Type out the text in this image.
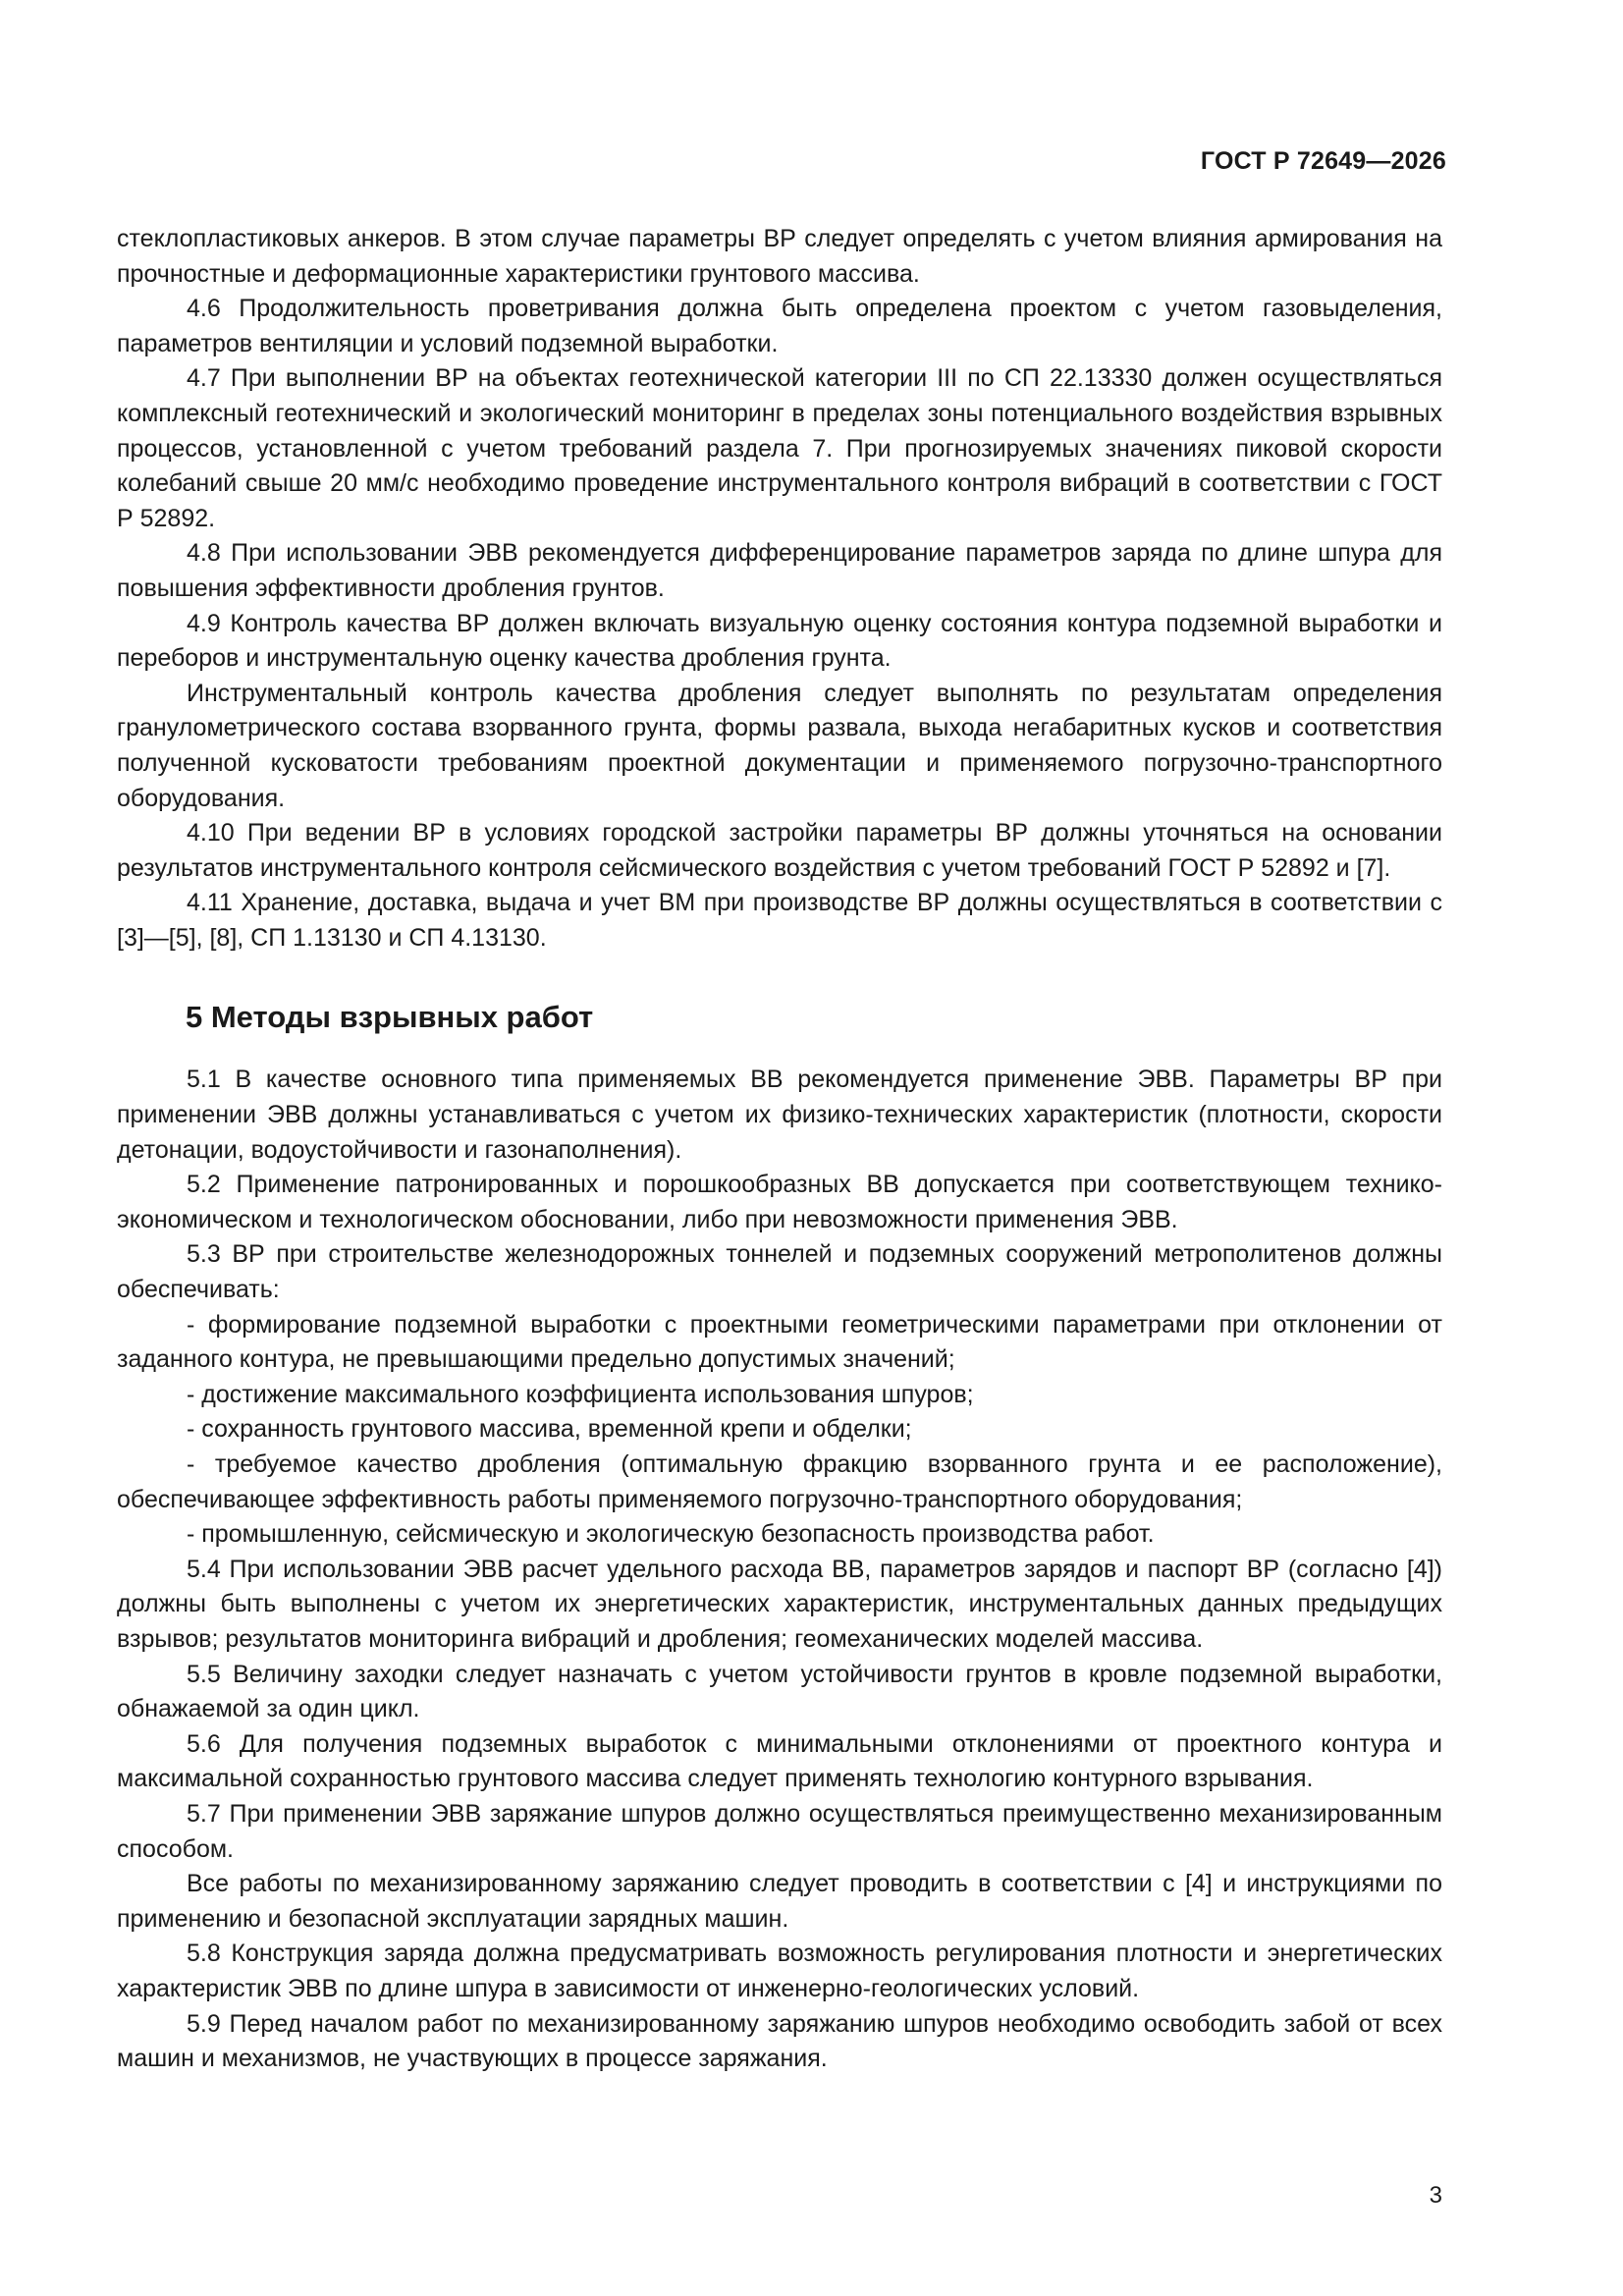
ГОСТ Р 72649—2026

стеклопластиковых анкеров. В этом случае параметры ВР следует определять с учетом влияния армирования на прочностные и деформационные характеристики грунтового массива.

4.6 Продолжительность проветривания должна быть определена проектом с учетом газовыделения, параметров вентиляции и условий подземной выработки.

4.7 При выполнении ВР на объектах геотехнической категории III по СП 22.13330 должен осуществляться комплексный геотехнический и экологический мониторинг в пределах зоны потенциального воздействия взрывных процессов, установленной с учетом требований раздела 7. При прогнозируемых значениях пиковой скорости колебаний свыше 20 мм/с необходимо проведение инструментального контроля вибраций в соответствии с ГОСТ Р 52892.

4.8 При использовании ЭВВ рекомендуется дифференцирование параметров заряда по длине шпура для повышения эффективности дробления грунтов.

4.9 Контроль качества ВР должен включать визуальную оценку состояния контура подземной выработки и переборов и инструментальную оценку качества дробления грунта.

Инструментальный контроль качества дробления следует выполнять по результатам определения гранулометрического состава взорванного грунта, формы развала, выхода негабаритных кусков и соответствия полученной кусковатости требованиям проектной документации и применяемого погрузочно-транспортного оборудования.

4.10 При ведении ВР в условиях городской застройки параметры ВР должны уточняться на основании результатов инструментального контроля сейсмического воздействия с учетом требований ГОСТ Р 52892 и [7].

4.11 Хранение, доставка, выдача и учет ВМ при производстве ВР должны осуществляться в соответствии с [3]—[5], [8], СП 1.13130 и СП 4.13130.

5 Методы взрывных работ

5.1 В качестве основного типа применяемых ВВ рекомендуется применение ЭВВ. Параметры ВР при применении ЭВВ должны устанавливаться с учетом их физико-технических характеристик (плотности, скорости детонации, водоустойчивости и газонаполнения).

5.2 Применение патронированных и порошкообразных ВВ допускается при соответствующем технико-экономическом и технологическом обосновании, либо при невозможности применения ЭВВ.

5.3 ВР при строительстве железнодорожных тоннелей и подземных сооружений метрополитенов должны обеспечивать:

- формирование подземной выработки с проектными геометрическими параметрами при отклонении от заданного контура, не превышающими предельно допустимых значений;

- достижение максимального коэффициента использования шпуров;

- сохранность грунтового массива, временной крепи и обделки;

- требуемое качество дробления (оптимальную фракцию взорванного грунта и ее расположение), обеспечивающее эффективность работы применяемого погрузочно-транспортного оборудования;

- промышленную, сейсмическую и экологическую безопасность производства работ.

5.4 При использовании ЭВВ расчет удельного расхода ВВ, параметров зарядов и паспорт ВР (согласно [4]) должны быть выполнены с учетом их энергетических характеристик, инструментальных данных предыдущих взрывов; результатов мониторинга вибраций и дробления; геомеханических моделей массива.

5.5 Величину заходки следует назначать с учетом устойчивости грунтов в кровле подземной выработки, обнажаемой за один цикл.

5.6 Для получения подземных выработок с минимальными отклонениями от проектного контура и максимальной сохранностью грунтового массива следует применять технологию контурного взрывания.

5.7 При применении ЭВВ заряжание шпуров должно осуществляться преимущественно механизированным способом.

Все работы по механизированному заряжанию следует проводить в соответствии с [4] и инструкциями по применению и безопасной эксплуатации зарядных машин.

5.8 Конструкция заряда должна предусматривать возможность регулирования плотности и энергетических характеристик ЭВВ по длине шпура в зависимости от инженерно-геологических условий.

5.9 Перед началом работ по механизированному заряжанию шпуров необходимо освободить забой от всех машин и механизмов, не участвующих в процессе заряжания.

3
